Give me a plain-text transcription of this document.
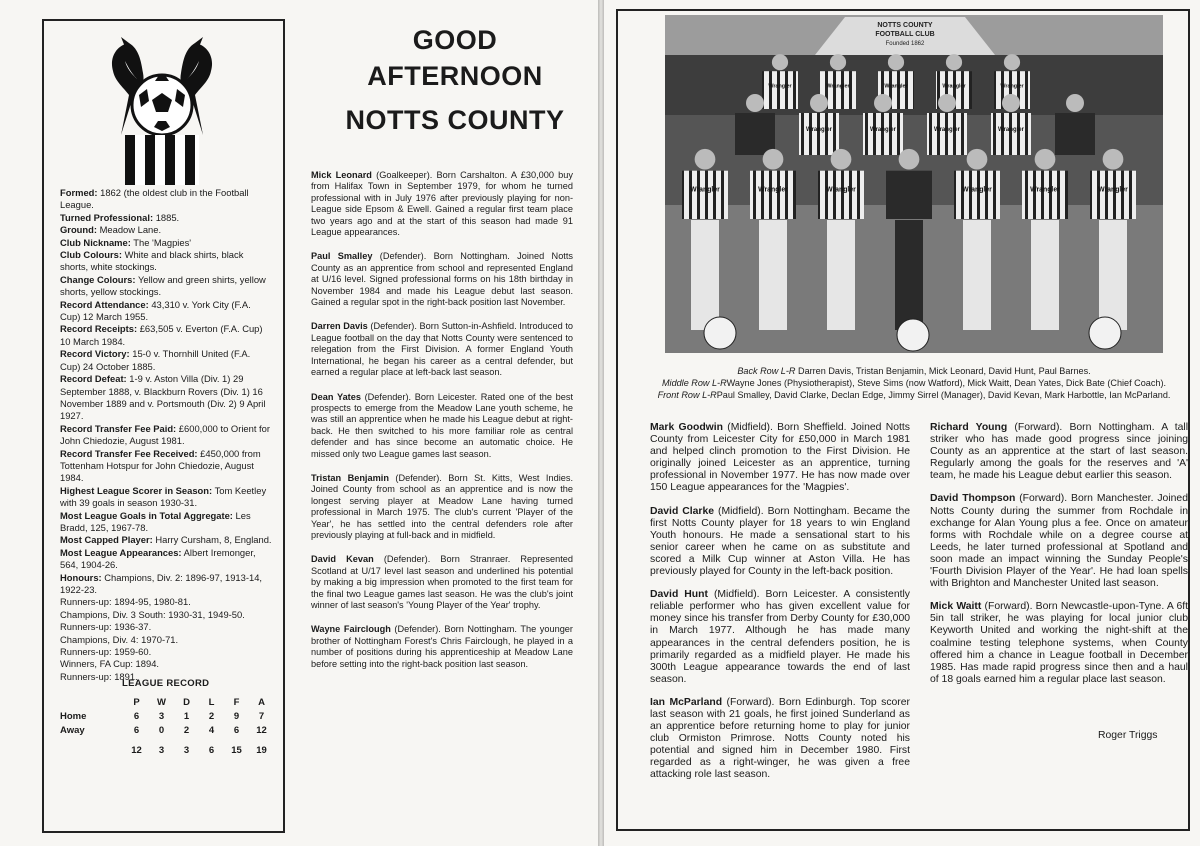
Formed: 1862 (the oldest club in the Football League.

Turned Professional: 1885.

Ground: Meadow Lane.

Club Nickname: The 'Magpies'

Club Colours: White and black shirts, black shorts, white stockings.

Change Colours: Yellow and green shirts, yellow shorts, yellow stockings.

Record Attendance: 43,310 v. York City (F.A. Cup) 12 March 1955.

Record Receipts: £63,505 v. Everton (F.A. Cup) 10 March 1984.

Record Victory: 15-0 v. Thornhill United (F.A. Cup) 24 October 1885.

Record Defeat: 1-9 v. Aston Villa (Div. 1) 29 September 1888, v. Blackburn Rovers (Div. 1) 16 November 1889 and v. Portsmouth (Div. 2) 9 April 1927.

Record Transfer Fee Paid: £600,000 to Orient for John Chiedozie, August 1981.

Record Transfer Fee Received: £450,000 from Tottenham Hotspur for John Chiedozie, August 1984.

Highest League Scorer in Season: Tom Keetley with 39 goals in season 1930-31.

Most League Goals in Total Aggregate: Les Bradd, 125, 1967-78.

Most Capped Player: Harry Cursham, 8, England.

Most League Appearances: Albert Iremonger, 564, 1904-26.

Honours: Champions, Div. 2: 1896-97, 1913-14, 1922-23.

Runners-up: 1894-95, 1980-81.

Champions, Div. 3 South: 1930-31, 1949-50.

Runners-up: 1936-37.

Champions, Div. 4: 1970-71.

Runners-up: 1959-60.

Winners, FA Cup: 1894.

Runners-up: 1891.

LEAGUE RECORD
	P	W	D	L	F	A
Home	6	3	1	2	9	7
Away	6	0	2	4	6	12
	12	3	3	6	15	19
GOOD
AFTERNOON
NOTTS COUNTY

Mick Leonard (Goalkeeper). Born Carshalton. A £30,000 buy from Halifax Town in September 1979, for whom he turned professional with in July 1976 after previously playing for non-League side Epsom & Ewell. Gained a regular first team place two years ago and at the start of this season had made 91 League appearances.

Paul Smalley (Defender). Born Nottingham. Joined Notts County as an apprentice from school and represented England at U/16 level. Signed professional forms on his 18th birthday in November 1984 and made his League debut last season. Gained a regular spot in the right-back position last November.

Darren Davis (Defender). Born Sutton-in-Ashfield. Introduced to League football on the day that Notts County were sentenced to relegation from the First Division. A former England Youth International, he began his career as a central defender, but earned a regular place at left-back last season.

Dean Yates (Defender). Born Leicester. Rated one of the best prospects to emerge from the Meadow Lane youth scheme, he was still an apprentice when he made his League debut at right-back. He then switched to his more familiar role as central defender and has since become an automatic choice. He missed only two League games last season.

Tristan Benjamin (Defender). Born St. Kitts, West Indies. Joined County from school as an apprentice and is now the longest serving player at Meadow Lane having turned professional in March 1975. The club's current 'Player of the Year', he has settled into the central defenders role after previously playing at full-back and in midfield.

David Kevan (Defender). Born Stranraer. Represented Scotland at U/17 level last season and underlined his potential by making a big impression when promoted to the first team for the final two League games last season. He was the club's joint winner of last season's 'Young Player of the Year' trophy.

Wayne Fairclough (Defender). Born Nottingham. The younger brother of Nottingham Forest's Chris Fairclough, he played in a number of positions during his apprenticeship at Meadow Lane before setting into the right-back position last season.

NOTTS COUNTY
FOOTBALL CLUB
Founded 1862
Wrangler	Wrangler	Wrangler	Wrangler	Wrangler
Wrangler	Wrangler	Wrangler	Wrangler
Wrangler	Wrangler	Wrangler	Wrangler	Wrangler	Wrangler
Back Row L-R Darren Davis, Tristan Benjamin, Mick Leonard, David Hunt, Paul Barnes.
Middle Row L-RWayne Jones (Physiotherapist), Steve Sims (now Watford), Mick Waitt, Dean Yates, Dick Bate (Chief Coach).
Front Row L-RPaul Smalley, David Clarke, Declan Edge, Jimmy Sirrel (Manager), David Kevan, Mark Harbottle, Ian McParland.

Mark Goodwin (Midfield). Born Sheffield. Joined Notts County from Leicester City for £50,000 in March 1981 and helped clinch promotion to the First Division. He originally joined Leicester as an apprentice, turning professional in November 1977. He has now made over 150 League appearances for the 'Magpies'.

David Clarke (Midfield). Born Nottingham. Became the first Notts County player for 18 years to win England Youth honours. He made a sensational start to his senior career when he came on as substitute and scored a Milk Cup winner at Aston Villa. He has previously played for County in the left-back position.

David Hunt (Midfield). Born Leicester. A consistently reliable performer who has given excellent value for money since his transfer from Derby County for £30,000 in March 1977. Although he has made many appearances in the central defenders position, he is primarily regarded as a midfield player. He made his 300th League appearance towards the end of last season.

Ian McParland (Forward). Born Edinburgh. Top scorer last season with 21 goals, he first joined Sunderland as an apprentice before returning home to play for junior club Ormiston Primrose. Notts County noted his potential and signed him in December 1980. First regarded as a right-winger, he was given a free attacking role last season.

Richard Young (Forward). Born Nottingham. A tall striker who has made good progress since joining County as an apprentice at the start of last season. Regularly among the goals for the reserves and 'A' team, he made his League debut earlier this season.

David Thompson (Forward). Born Manchester. Joined Notts County during the summer from Rochdale in exchange for Alan Young plus a fee. Once on amateur forms with Rochdale while on a degree course at Leeds, he later turned professional at Spotland and soon made an impact winning the Sunday People's 'Fourth Division Player of the Year'. He had loan spells with Brighton and Manchester United last season.

Mick Waitt (Forward). Born Newcastle-upon-Tyne. A 6ft 5in tall striker, he was playing for local junior club Keyworth United and working the night-shift at the coalmine testing telephone systems, when County offered him a chance in League football in December 1985. Has made rapid progress since then and a haul of 18 goals earned him a regular place last season.

Roger Triggs
